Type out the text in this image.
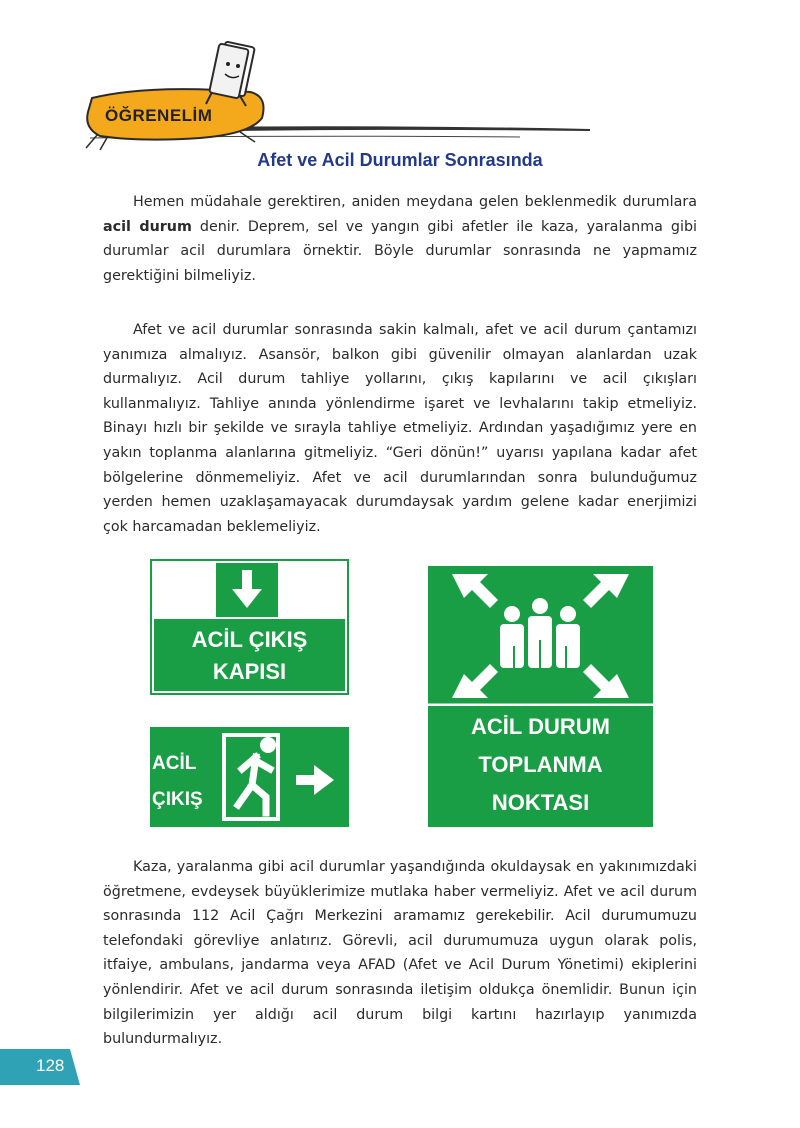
ÖĞRENELİM
Afet ve Acil Durumlar Sonrasında

Hemen müdahale gerektiren, aniden meydana gelen beklenmedik durumlara acil durum denir. Deprem, sel ve yangın gibi afetler ile kaza, yaralanma gibi durumlar acil durumlara örnektir. Böyle durumlar sonrasında ne yapmamız gerektiğini bilmeliyiz.

Afet ve acil durumlar sonrasında sakin kalmalı, afet ve acil durum çantamızı yanımıza almalıyız. Asansör, balkon gibi güvenilir olmayan alanlardan uzak durmalıyız. Acil durum tahliye yollarını, çıkış kapılarını ve acil çıkışları kullanmalıyız. Tahliye anında yönlendirme işaret ve levhalarını takip etmeliyiz. Binayı hızlı bir şekilde ve sırayla tahliye etmeliyiz. Ardından yaşadığımız yere en yakın toplanma alanlarına gitmeliyiz. “Geri dönün!” uyarısı yapılana kadar afet bölgelerine dönmemeliyiz. Afet ve acil durumlarından sonra bulunduğumuz yerden hemen uzaklaşamayacak durumdaysak yardım gelene kadar enerjimizi çok harcamadan beklemeliyiz.

ACİL ÇIKIŞ
KAPISI
ACİL
ÇIKIŞ
ACİL DURUM
TOPLANMA
NOKTASI

Kaza, yaralanma gibi acil durumlar yaşandığında okuldaysak en yakınımızdaki öğretmene, evdeysek büyüklerimize mutlaka haber vermeliyiz. Afet ve acil durum sonrasında 112 Acil Çağrı Merkezini aramamız gerekebilir. Acil durumumuzu telefondaki görevliye anlatırız. Görevli, acil durumumuza uygun olarak polis, itfaiye, ambulans, jandarma veya AFAD (Afet ve Acil Durum Yönetimi) ekiplerini yönlendirir. Afet ve acil durum sonrasında iletişim oldukça önemlidir. Bunun için bilgilerimizin yer aldığı acil durum bilgi kartını hazırlayıp yanımızda bulundurmalıyız.

128
